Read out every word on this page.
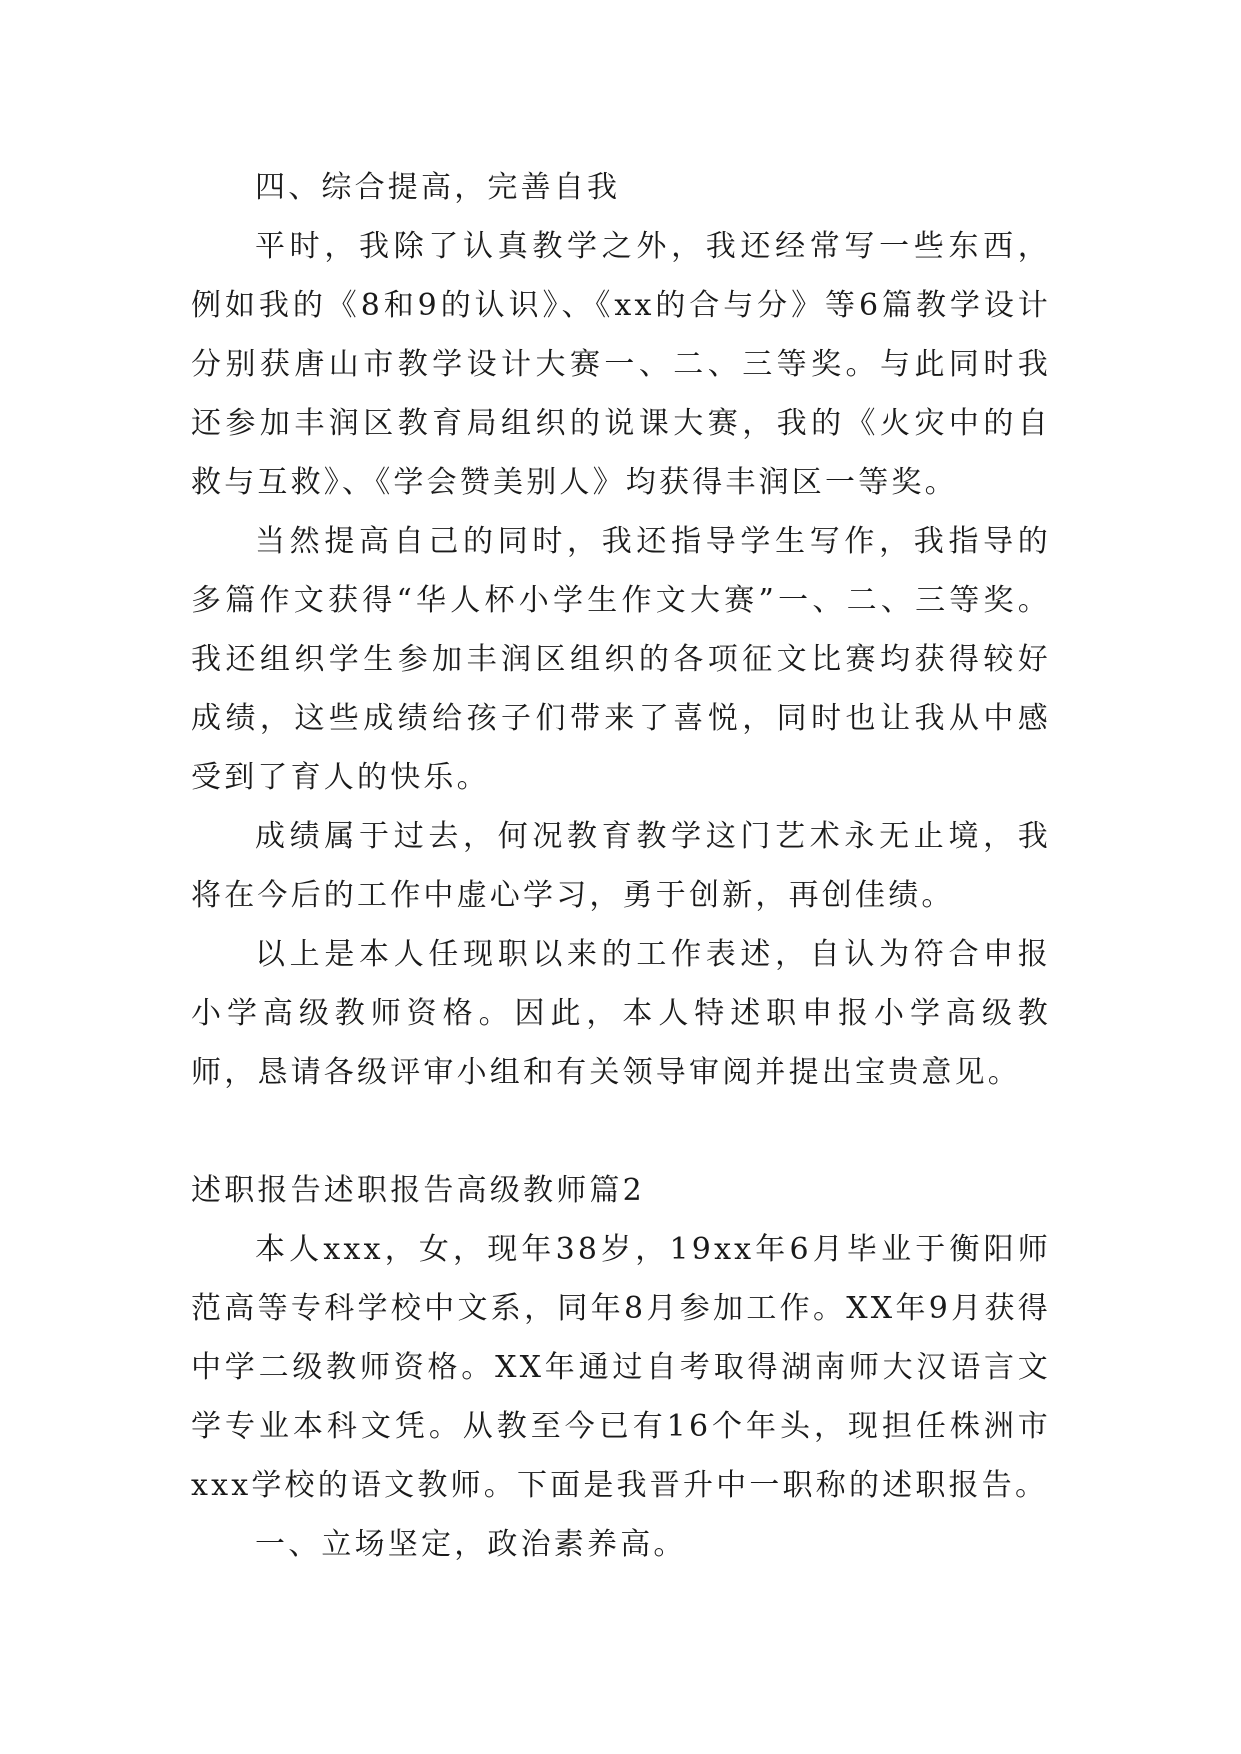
四、综合提高，完善自我

平时，我除了认真教学之外，我还经常写一些东西，例如我的《8和9的认识》、《xx的合与分》等6篇教学设计分别获唐山市教学设计大赛一、二、三等奖。与此同时我还参加丰润区教育局组织的说课大赛，我的《火灾中的自救与互救》、《学会赞美别人》均获得丰润区一等奖。

当然提高自己的同时，我还指导学生写作，我指导的多篇作文获得“华人杯小学生作文大赛”一、二、三等奖。我还组织学生参加丰润区组织的各项征文比赛均获得较好成绩，这些成绩给孩子们带来了喜悦，同时也让我从中感受到了育人的快乐。

成绩属于过去，何况教育教学这门艺术永无止境，我将在今后的工作中虚心学习，勇于创新，再创佳绩。

以上是本人任现职以来的工作表述，自认为符合申报小学高级教师资格。因此，本人特述职申报小学高级教师，恳请各级评审小组和有关领导审阅并提出宝贵意见。

述职报告述职报告高级教师篇2

本人xxx，女，现年38岁，19xx年6月毕业于衡阳师范高等专科学校中文系，同年8月参加工作。XX年9月获得中学二级教师资格。XX年通过自考取得湖南师大汉语言文学专业本科文凭。从教至今已有16个年头，现担任株洲市xxx学校的语文教师。下面是我晋升中一职称的述职报告。

一、立场坚定，政治素养高。
